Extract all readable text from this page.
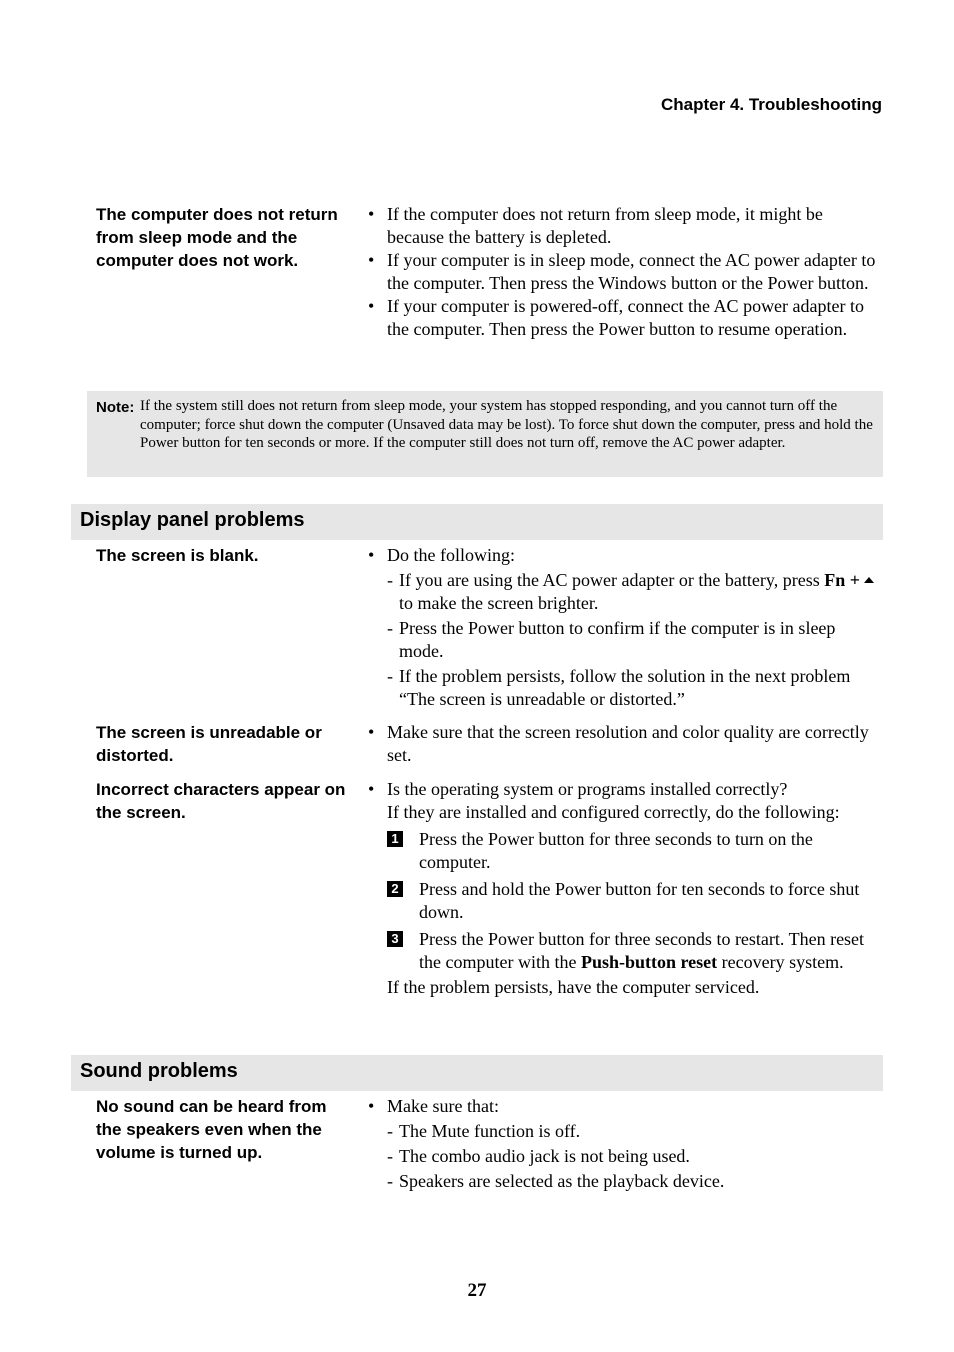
Chapter 4. Troubleshooting
The computer does not return from sleep mode and the computer does not work.

• If the computer does not return from sleep mode, it might be because the battery is depleted.

• If your computer is in sleep mode, connect the AC power adapter to the computer. Then press the Windows button or the Power button.

• If your computer is powered-off, connect the AC power adapter to the computer. Then press the Power button to resume operation.

Note: If the system still does not return from sleep mode, your system has stopped responding, and you cannot turn off the computer; force shut down the computer (Unsaved data may be lost). To force shut down the computer, press and hold the Power button for ten seconds or more. If the computer still does not turn off, remove the AC power adapter.
Display panel problems
The screen is blank.	• Do the following:

- If you are using the AC power adapter or the battery, press Fn +to make the screen brighter.

- Press the Power button to confirm if the computer is in sleep mode.

- If the problem persists, follow the solution in the next problem “The screen is unreadable or distorted.”

The screen is unreadable or distorted.

• Make sure that the screen resolution and color quality are correctly set.

Incorrect characters appear on the screen.

• Is the operating system or programs installed correctly?

If they are installed and configured correctly, do the following:

1 Press the Power button for three seconds to turn on the computer.

2 Press and hold the Power button for ten seconds to force shut down.

3 Press the Power button for three seconds to restart. Then reset the computer with the Push-button reset recovery system.

If the problem persists, have the computer serviced.

Sound problems
No sound can be heard from the speakers even when the volume is turned up.

• Make sure that:

- The Mute function is off.

- The combo audio jack is not being used.

- Speakers are selected as the playback device.

27
